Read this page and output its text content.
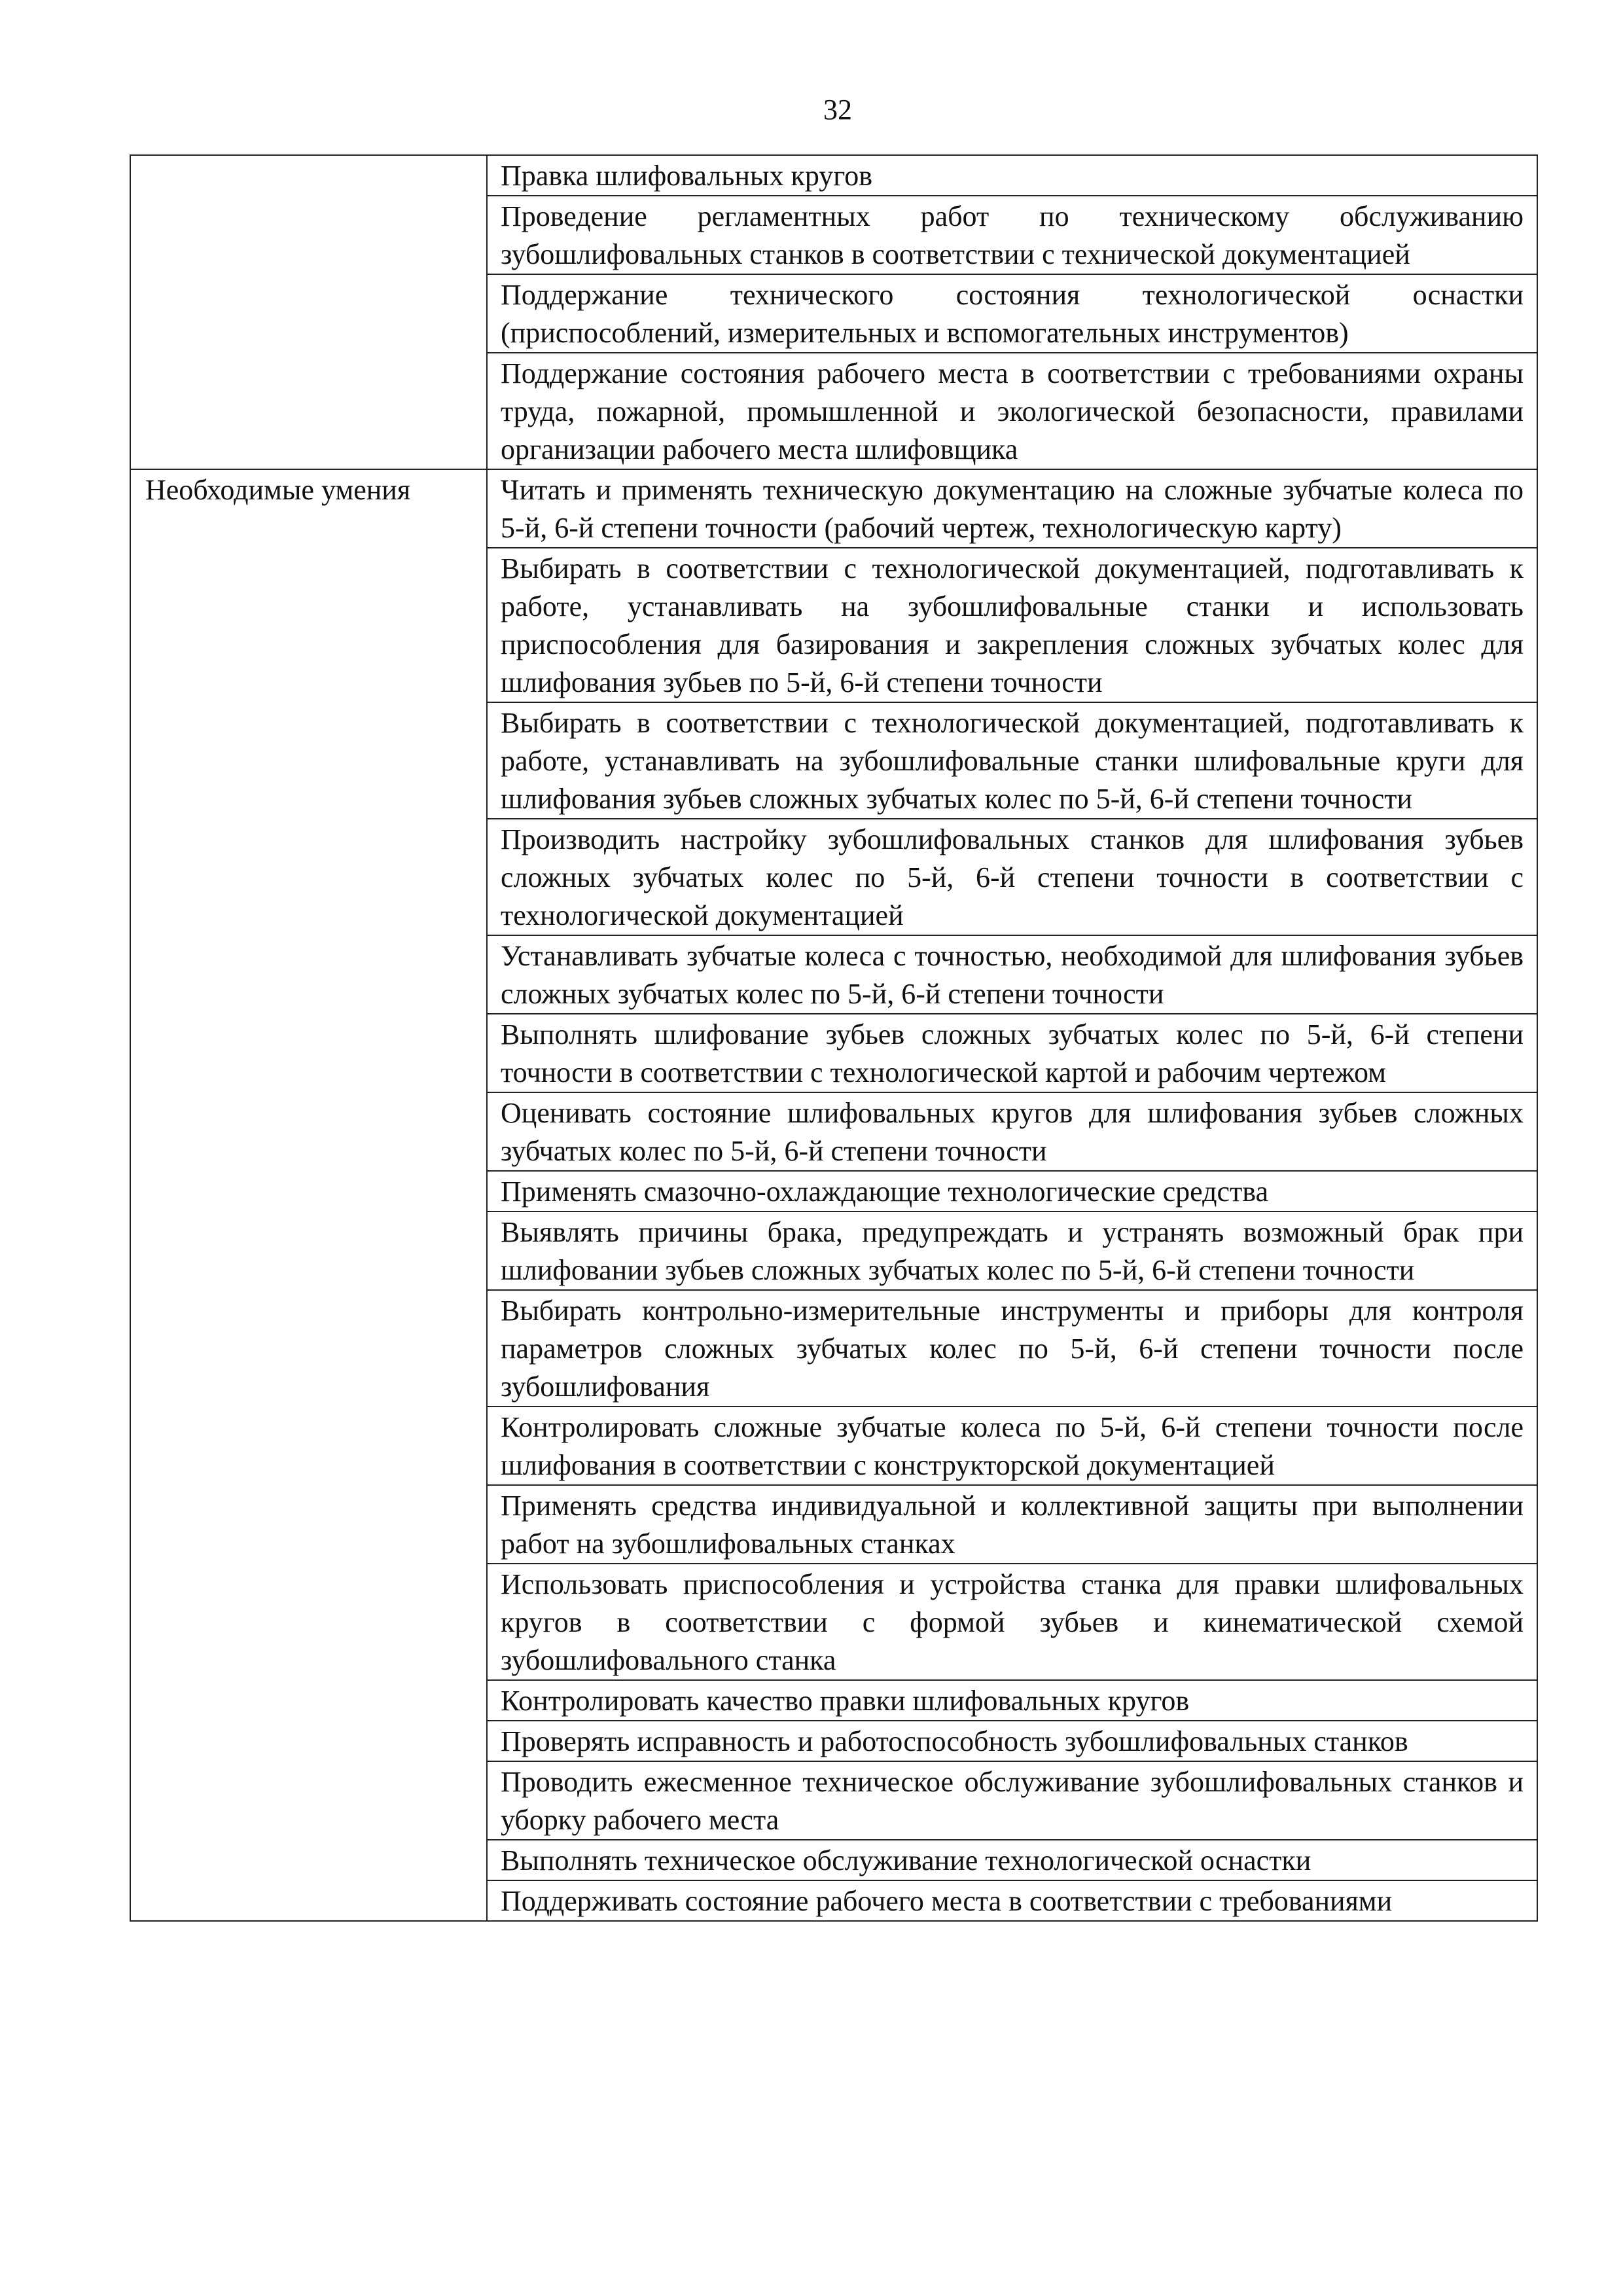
32
	Правка шлифовальных кругов
	Проведение регламентных работ по техническому обслуживанию зубошлифовальных станков в соответствии с технической документацией
	Поддержание технического состояния технологической оснастки (приспособлений, измерительных и вспомогательных инструментов)
	Поддержание состояния рабочего места в соответствии с требованиями охраны труда, пожарной, промышленной и экологической безопасности, правилами организации рабочего места шлифовщика
Необходимые умения	Читать и применять техническую документацию на сложные зубчатые колеса по 5-й, 6-й степени точности (рабочий чертеж, технологическую карту)
	Выбирать в соответствии с технологической документацией, подготавливать к работе, устанавливать на зубошлифовальные станки и использовать приспособления для базирования и закрепления сложных зубчатых колес для шлифования зубьев по 5-й, 6-й степени точности
	Выбирать в соответствии с технологической документацией, подготавливать к работе, устанавливать на зубошлифовальные станки шлифовальные круги для шлифования зубьев сложных зубчатых колес по 5-й, 6-й степени точности
	Производить настройку зубошлифовальных станков для шлифования зубьев сложных зубчатых колес по 5-й, 6-й степени точности в соответствии с технологической документацией
	Устанавливать зубчатые колеса с точностью, необходимой для шлифования зубьев сложных зубчатых колес по 5-й, 6-й степени точности
	Выполнять шлифование зубьев сложных зубчатых колес по 5-й, 6-й степени точности в соответствии с технологической картой и рабочим чертежом
	Оценивать состояние шлифовальных кругов для шлифования зубьев сложных зубчатых колес по 5-й, 6-й степени точности
	Применять смазочно-охлаждающие технологические средства
	Выявлять причины брака, предупреждать и устранять возможный брак при шлифовании зубьев сложных зубчатых колес по 5-й, 6-й степени точности
	Выбирать контрольно-измерительные инструменты и приборы для контроля параметров сложных зубчатых колес по 5-й, 6-й степени точности после зубошлифования
	Контролировать сложные зубчатые колеса по 5-й, 6-й степени точности после шлифования в соответствии с конструкторской документацией
	Применять средства индивидуальной и коллективной защиты при выполнении работ на зубошлифовальных станках
	Использовать приспособления и устройства станка для правки шлифовальных кругов в соответствии с формой зубьев и кинематической схемой зубошлифовального станка
	Контролировать качество правки шлифовальных кругов
	Проверять исправность и работоспособность зубошлифовальных станков
	Проводить ежесменное техническое обслуживание зубошлифовальных станков и уборку рабочего места
	Выполнять техническое обслуживание технологической оснастки
	Поддерживать состояние рабочего места в соответствии с требованиями
